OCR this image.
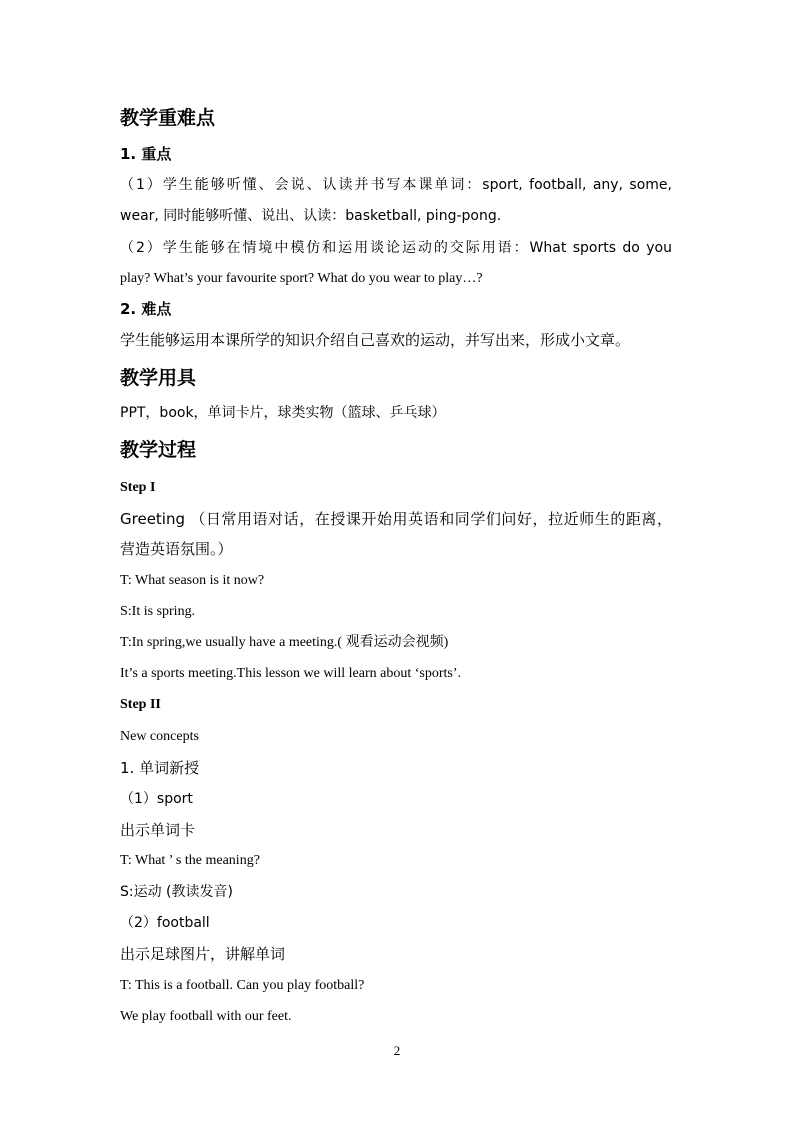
教学重难点
1. 重点
（1）学生能够听懂、会说、认读并书写本课单词：sport, football, any, some,
wear, 同时能够听懂、说出、认读：basketball, ping-pong.
（2）学生能够在情境中模仿和运用谈论运动的交际用语：What sports do you
play? What’s your favourite sport? What do you wear to play…?
2. 难点
学生能够运用本课所学的知识介绍自己喜欢的运动，并写出来，形成小文章。
教学用具
PPT，book，单词卡片，球类实物（篮球、乒乓球）
教学过程
Step I
Greeting （日常用语对话，在授课开始用英语和同学们问好，拉近师生的距离，
营造英语氛围。）
T: What season is it now?
S:It is spring.
T:In spring,we usually have a meeting.( 观看运动会视频)
It’s a sports meeting.This lesson we will learn about ‘sports’.
Step II
New concepts
1. 单词新授
（1）sport
出示单词卡
T: What ’ s the meaning?
S:运动 (教读发音)
（2）football
出示足球图片，讲解单词
T: This is a football. Can you play football?
We play football with our feet.
2
